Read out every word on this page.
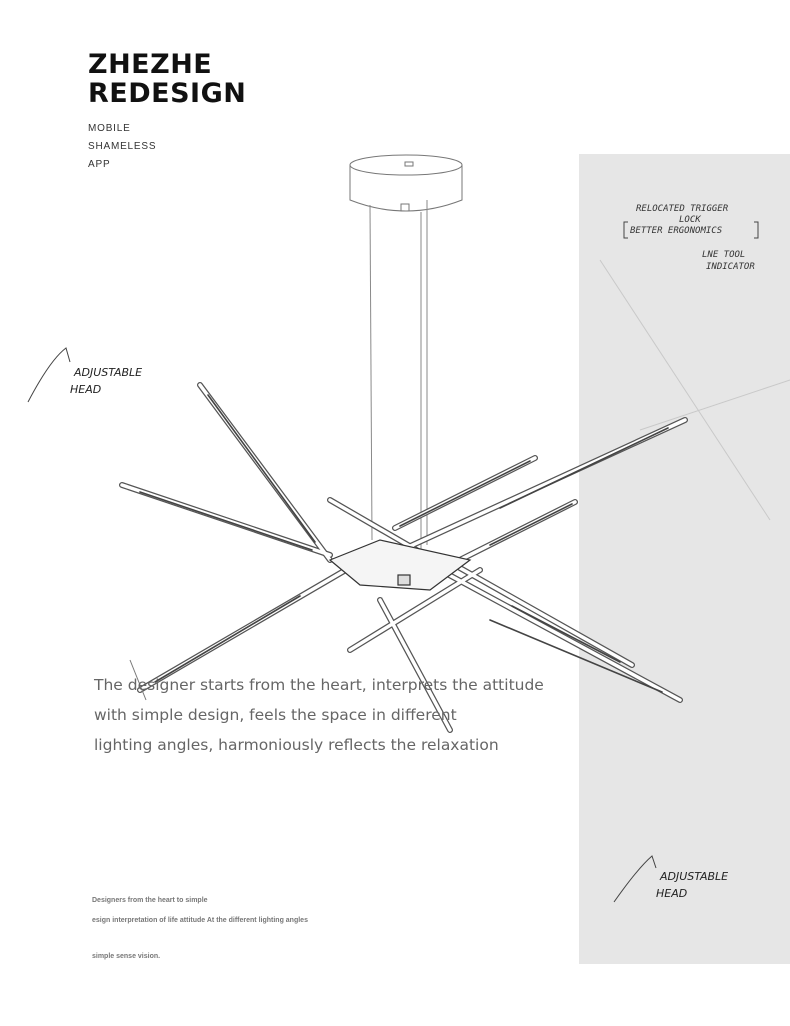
ZHEZHE
REDESIGN
MOBILE
SHAMELESS
APP
ADJUSTABLE
HEAD
ADJUSTABLE
HEAD
RELOCATED TRIGGER
LOCK
BETTER ERGONOMICS
LNE TOOL
INDICATOR
The designer starts from the heart, interprets the attitude
with simple design, feels the space in different
lighting angles, harmoniously reflects the relaxation
Designers from the heart to simple
esign interpretation of life attitude At the different lighting angles
simple sense vision.
